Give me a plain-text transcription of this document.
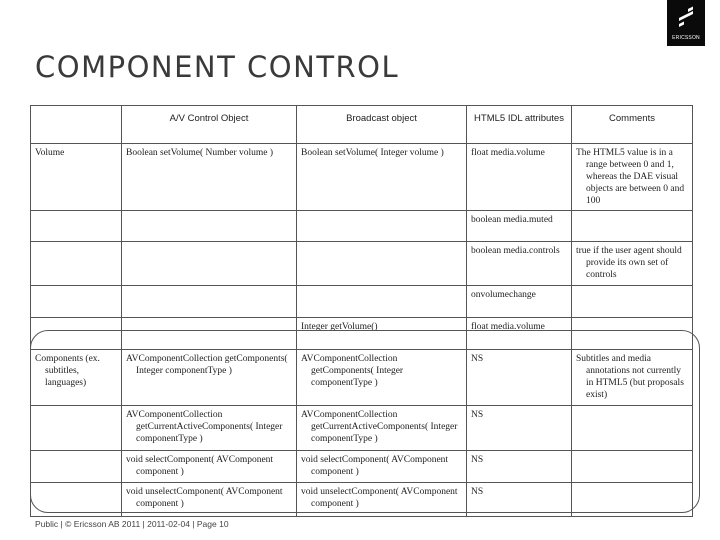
COMPONENT CONTROL
ERICSSON
	A/V Control Object	Broadcast object	HTML5 IDL attributes	Comments
Volume	Boolean setVolume( Number volume )	Boolean setVolume( Integer volume )	float media.volume	The HTML5 value is in a range between 0 and 1, whereas the DAE visual objects are between 0 and 100

			boolean media.muted	
			boolean media.controls	true if the user agent should provide its own set of controls

			onvolumechange	
		Integer getVolume()	float media.volume	

Components (ex. subtitles, languages)	AVComponentCollection getComponents( Integer componentType )	AVComponentCollection getComponents( Integer componentType )	NS	Subtitles and media annotations not currently in HTML5 (but proposals exist)

	AVComponentCollection getCurrentActiveComponents( Integer componentType )	AVComponentCollection getCurrentActiveComponents( Integer componentType )	NS	

	void selectComponent( AVComponent component )	void selectComponent( AVComponent component )	NS	

	void unselectComponent( AVComponent component )	void unselectComponent( AVComponent component )	NS	
Public | © Ericsson AB 2011 | 2011-02-04 | Page 10
